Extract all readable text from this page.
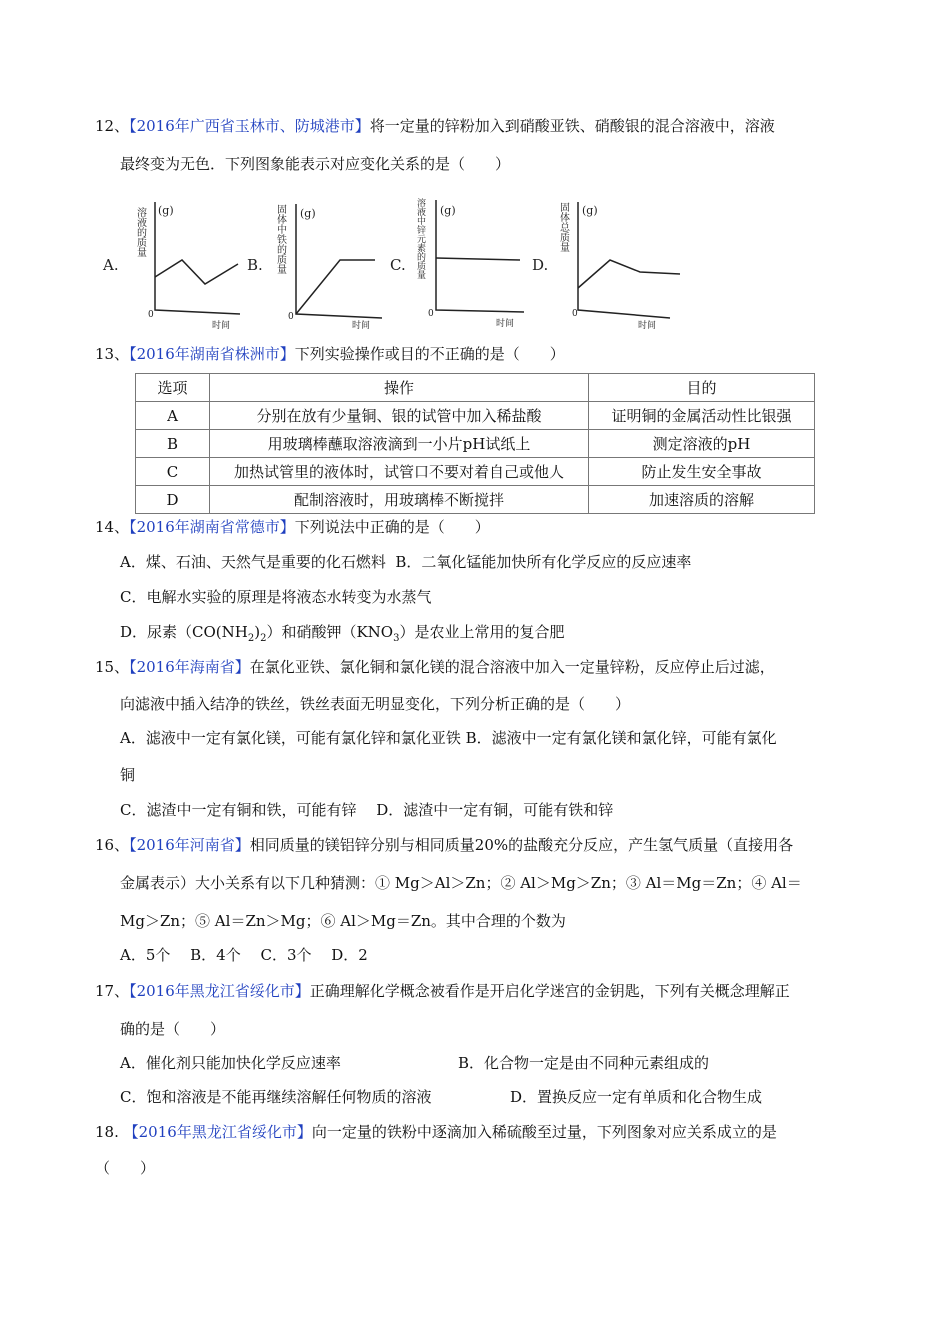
12、【2016年广西省玉林市、防城港市】将一定量的锌粉加入到硝酸亚铁、硝酸银的混合溶液中，溶液
最终变为无色．下列图象能表示对应变化关系的是（　　）
A.
溶液的质量 (g)
0
时间
B. 固体中铁的质量 (g)
0
时间
C. 溶液中锌元素的质量 (g)
0
时间
D.
固体总质量 (g)
0
时间
13、【2016年湖南省株洲市】下列实验操作或目的不正确的是（　　）
选项	操作	目的
A	分别在放有少量铜、银的试管中加入稀盐酸	证明铜的金属活动性比银强
B	用玻璃棒蘸取溶液滴到一小片pH试纸上	测定溶液的pH
C	加热试管里的液体时，试管口不要对着自己或他人	防止发生安全事故
D	配制溶液时，用玻璃棒不断搅拌	加速溶质的溶解
14、【2016年湖南省常德市】下列说法中正确的是（　　）
A．煤、石油、天然气是重要的化石燃料 B．二氧化锰能加快所有化学反应的反应速率
C．电解水实验的原理是将液态水转变为水蒸气
D．尿素$(CO(NH_2)_2)$和硝酸钾$(KNO_3)$是农业上常用的复合肥
15、【2016年海南省】在氯化亚铁、氯化铜和氯化镁的混合溶液中加入一定量锌粉，反应停止后过滤，
向滤液中插入结净的铁丝，铁丝表面无明显变化，下列分析正确的是（　　）
A．滤液中一定有氯化镁，可能有氯化锌和氯化亚铁 B．滤液中一定有氯化镁和氯化锌，可能有氯化
铜
C．滤渣中一定有铜和铁，可能有锌　 D．滤渣中一定有铜，可能有铁和锌
16、【2016年河南省】相同质量的镁铝锌分别与相同质量20%的盐酸充分反应，产生氢气质量（直接用各
金属表示）大小关系有以下几种猜测：① Mg＞Al＞Zn；② Al＞Mg＞Zn；③ Al＝Mg＝Zn；④ Al＝
Mg＞Zn；⑤ Al＝Zn＞Mg；⑥ Al＞Mg＝Zn。其中合理的个数为
A．5个　 B．4个　 C．3个　 D．2
17、【2016年黑龙江省绥化市】正确理解化学概念被看作是开启化学迷宫的金钥匙，下列有关概念理解正
确的是（　　）
A．催化剂只能加快化学反应速率	B．化合物一定是由不同种元素组成的
C．饱和溶液是不能再继续溶解任何物质的溶液	D．置换反应一定有单质和化合物生成
18. 【2016年黑龙江省绥化市】向一定量的铁粉中逐滴加入稀硫酸至过量，下列图象对应关系成立的是
（　　）
